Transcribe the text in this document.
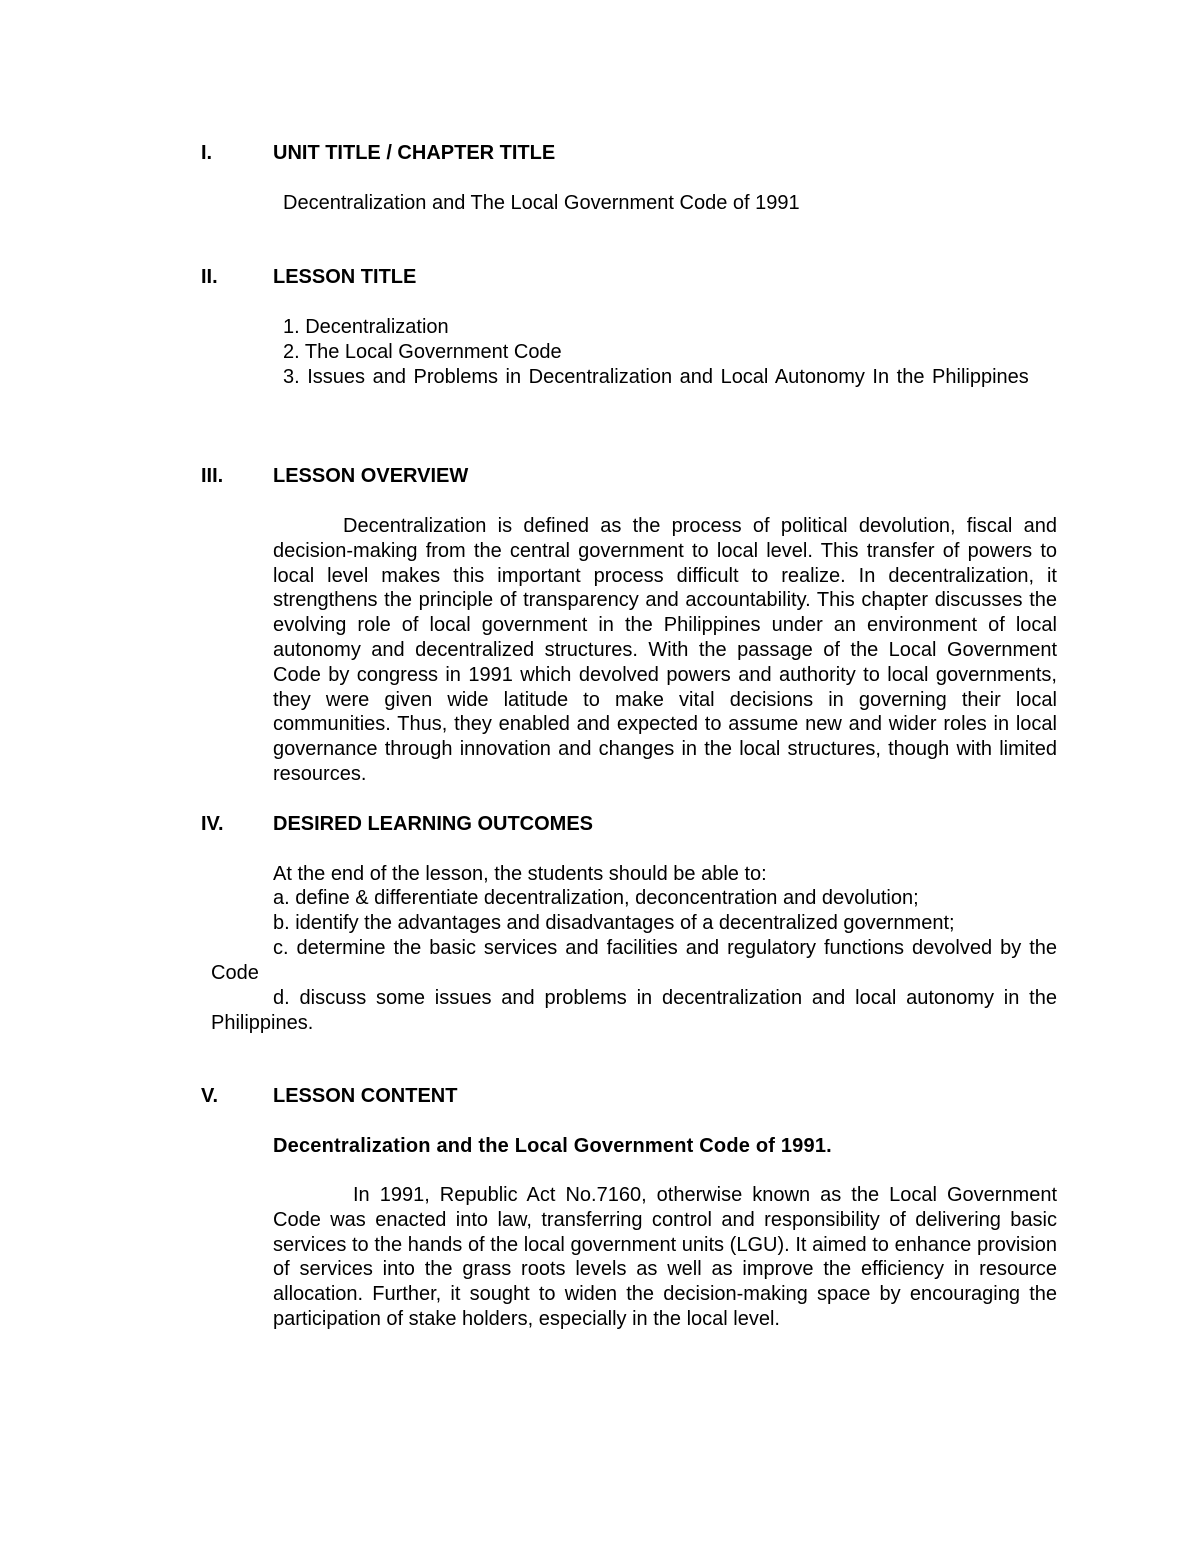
I.	UNIT TITLE / CHAPTER TITLE
Decentralization and The Local Government Code of 1991
II.	LESSON TITLE
1. Decentralization
2. The Local Government Code
3. Issues and Problems in Decentralization and Local Autonomy In the Philippines
III. LESSON OVERVIEW
Decentralization is defined as the process of political devolution, fiscal and decision-making from the central government to local level. This transfer of powers to local level makes this important process difficult to realize. In decentralization, it strengthens the principle of transparency and accountability. This chapter discusses the evolving role of local government in the Philippines under an environment of local autonomy and decentralized structures. With the passage of the Local Government Code by congress in 1991 which devolved powers and authority to local governments, they were given wide latitude to make vital decisions in governing their local communities. Thus, they enabled and expected to assume new and wider roles in local governance through innovation and changes in the local structures, though with limited resources.
IV. DESIRED LEARNING OUTCOMES
At the end of the lesson, the students should be able to:
a. define & differentiate decentralization, deconcentration and devolution;
b. identify the advantages and disadvantages of a decentralized government;
c. determine the basic services and facilities and regulatory functions devolved by the Code
d. discuss some issues and problems in decentralization and local autonomy in the Philippines.
V.	LESSON CONTENT
Decentralization and the Local Government Code of 1991.
In 1991, Republic Act No.7160, otherwise known as the Local Government Code was enacted into law, transferring control and responsibility of delivering basic services to the hands of the local government units (LGU). It aimed to enhance provision of services into the grass roots levels as well as improve the efficiency in resource allocation. Further, it sought to widen the decision-making space by encouraging the participation of stake holders, especially in the local level.
